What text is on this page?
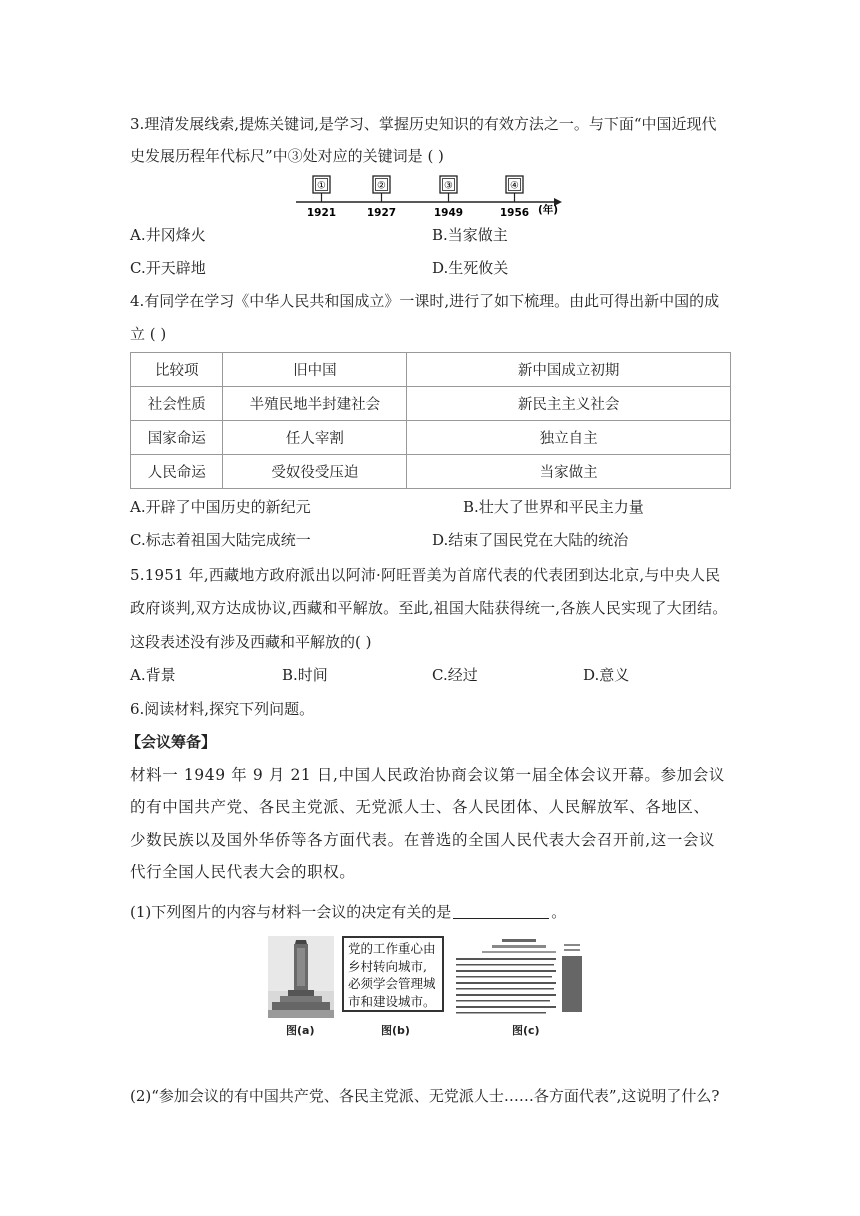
3.理清发展线索,提炼关键词,是学习、掌握历史知识的有效方法之一。与下面“中国近现代
史发展历程年代标尺”中③处对应的关键词是 ( )
①	②	③	④
1921	1927	1949	1956 (年)
A.井冈烽火	B.当家做主
C.开天辟地	D.生死攸关
4.有同学在学习《中华人民共和国成立》一课时,进行了如下梳理。由此可得出新中国的成
立 ( )
比较项	旧中国	新中国成立初期
社会性质	半殖民地半封建社会	新民主主义社会
国家命运	任人宰割	独立自主
人民命运	受奴役受压迫	当家做主
A.开辟了中国历史的新纪元	B.壮大了世界和平民主力量
C.标志着祖国大陆完成统一	D.结束了国民党在大陆的统治
5.1951 年,西藏地方政府派出以阿沛·阿旺晋美为首席代表的代表团到达北京,与中央人民
政府谈判,双方达成协议,西藏和平解放。至此,祖国大陆获得统一,各族人民实现了大团结。
这段表述没有涉及西藏和平解放的( )
A.背景	B.时间	C.经过	D.意义
6.阅读材料,探究下列问题。
【会议筹备】
材料一 1949 年 9 月 21 日,中国人民政治协商会议第一届全体会议开幕。参加会议
的有中国共产党、各民主党派、无党派人士、各人民团体、人民解放军、各地区、
少数民族以及国外华侨等各方面代表。在普选的全国人民代表大会召开前,这一会议
代行全国人民代表大会的职权。
(1)下列图片的内容与材料一会议的决定有关的是	。
党的工作重心由
乡村转向城市,
必须学会管理城
市和建设城市。
图(a)	图(b)	图(c)
(2)“参加会议的有中国共产党、各民主党派、无党派人士……各方面代表”,这说明了什么?
